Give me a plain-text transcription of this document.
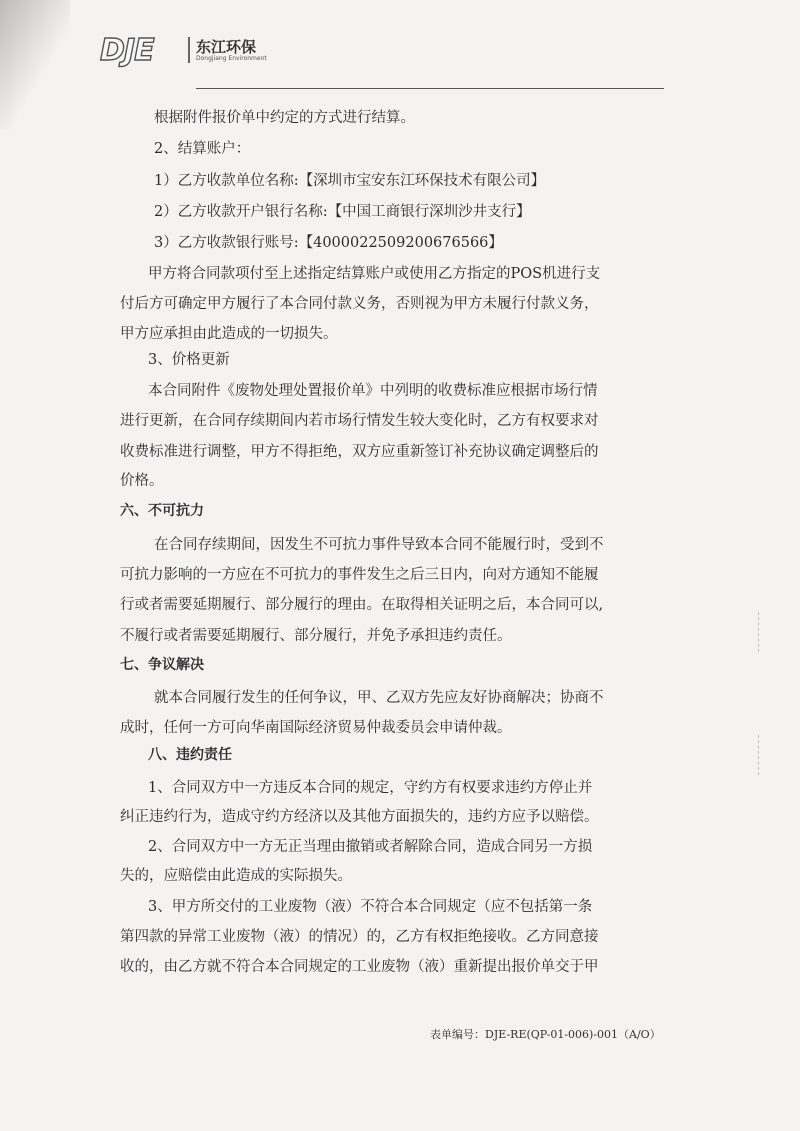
DJE	东江环保
Dongjiang Environment
根据附件报价单中约定的方式进行结算。
2、结算账户：
1）乙方收款单位名称:【深圳市宝安东江环保技术有限公司】
2）乙方收款开户银行名称:【中国工商银行深圳沙井支行】
3）乙方收款银行账号:【4000022509200676566】
甲方将合同款项付至上述指定结算账户或使用乙方指定的POS机进行支
付后方可确定甲方履行了本合同付款义务，否则视为甲方未履行付款义务，
甲方应承担由此造成的一切损失。
3、价格更新
本合同附件《废物处理处置报价单》中列明的收费标准应根据市场行情
进行更新，在合同存续期间内若市场行情发生较大变化时，乙方有权要求对
收费标准进行调整，甲方不得拒绝，双方应重新签订补充协议确定调整后的
价格。
六、不可抗力
在合同存续期间，因发生不可抗力事件导致本合同不能履行时，受到不
可抗力影响的一方应在不可抗力的事件发生之后三日内，向对方通知不能履
行或者需要延期履行、部分履行的理由。在取得相关证明之后，本合同可以,
不履行或者需要延期履行、部分履行，并免予承担违约责任。
七、争议解决
就本合同履行发生的任何争议，甲、乙双方先应友好协商解决；协商不
成时，任何一方可向华南国际经济贸易仲裁委员会申请仲裁。
八、违约责任
1、合同双方中一方违反本合同的规定，守约方有权要求违约方停止并
纠正违约行为，造成守约方经济以及其他方面损失的，违约方应予以赔偿。
2、合同双方中一方无正当理由撤销或者解除合同，造成合同另一方损
失的，应赔偿由此造成的实际损失。
3、甲方所交付的工业废物（液）不符合本合同规定（应不包括第一条
第四款的异常工业废物（液）的情况）的，乙方有权拒绝接收。乙方同意接
收的，由乙方就不符合本合同规定的工业废物（液）重新提出报价单交于甲
表单编号：DJE-RE(QP-01-006)-001（A/O）
